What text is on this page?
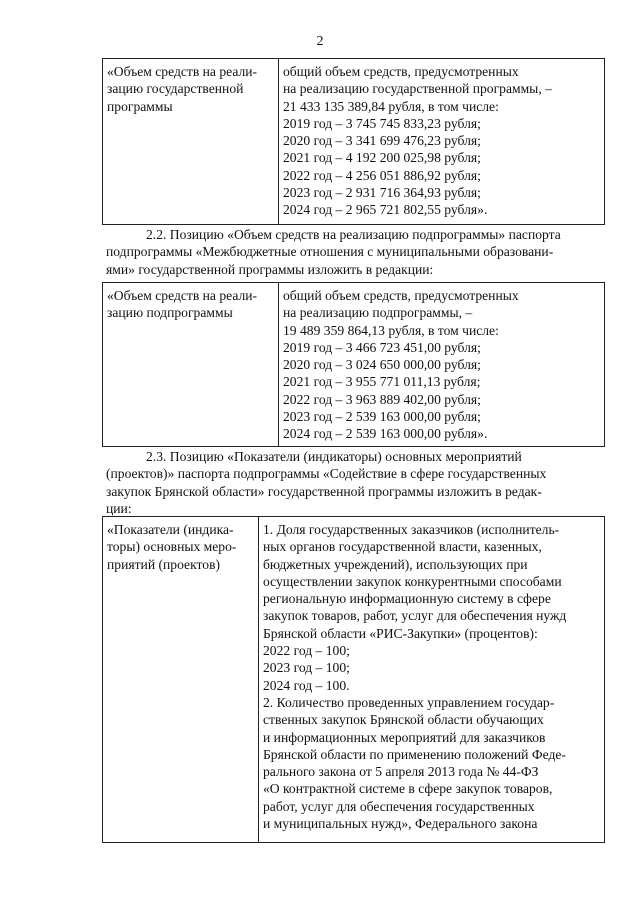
2
«Объем средств на реали-
зацию государственной
программы

общий объем средств, предусмотренных
на реализацию государственной программы, –
21 433 135 389,84 рубля, в том числе:
2019 год – 3 745 745 833,23 рубля;
2020 год – 3 341 699 476,23 рубля;
2021 год – 4 192 200 025,98 рубля;
2022 год – 4 256 051 886,92 рубля;
2023 год – 2 931 716 364,93 рубля;
2024 год – 2 965 721 802,55 рубля».
2.2. Позицию «Объем средств на реализацию подпрограммы» паспорта
подпрограммы «Межбюджетные отношения с муниципальными образовани-
ями» государственной программы изложить в редакции:
«Объем средств на реали-
зацию подпрограммы

общий объем средств, предусмотренных
на реализацию подпрограммы, –
19 489 359 864,13 рубля, в том числе:
2019 год – 3 466 723 451,00 рубля;
2020 год – 3 024 650 000,00 рубля;
2021 год – 3 955 771 011,13 рубля;
2022 год – 3 963 889 402,00 рубля;
2023 год – 2 539 163 000,00 рубля;
2024 год – 2 539 163 000,00 рубля».
2.3. Позицию «Показатели (индикаторы) основных мероприятий
(проектов)» паспорта подпрограммы «Содействие в сфере государственных
закупок Брянской области» государственной программы изложить в редак-
ции:
«Показатели (индика-
торы) основных меро-
приятий (проектов)

1. Доля государственных заказчиков (исполнитель-
ных органов государственной власти, казенных,
бюджетных учреждений), использующих при
осуществлении закупок конкурентными способами
региональную информационную систему в сфере
закупок товаров, работ, услуг для обеспечения нужд
Брянской области «РИС-Закупки» (процентов):
2022 год – 100;
2023 год – 100;
2024 год – 100.
2. Количество проведенных управлением государ-
ственных закупок Брянской области обучающих
и информационных мероприятий для заказчиков
Брянской области по применению положений Феде-
рального закона от 5 апреля 2013 года № 44-ФЗ
«О контрактной системе в сфере закупок товаров,
работ, услуг для обеспечения государственных
и муниципальных нужд», Федерального закона
